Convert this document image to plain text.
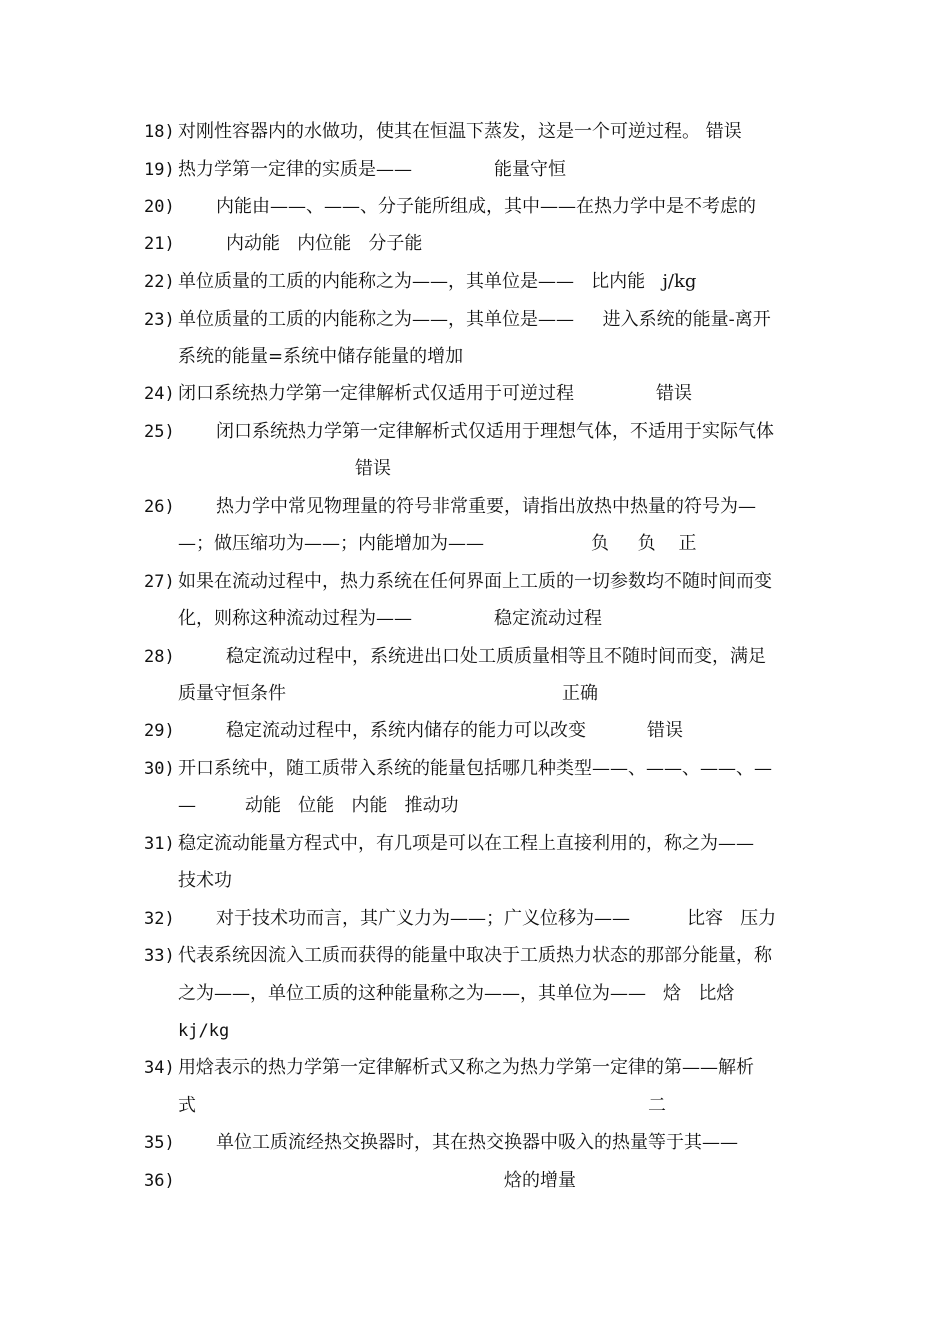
18)

对刚性容器内的水做功，使其在恒温下蒸发，这是一个可逆过程。 错误

19)

热力学第一定律的实质是——

	能量守恒

20)

内能由——、——、分子能所组成，其中——在热力学中是不考虑的

21)

	内动能   内位能   分子能

22)

单位质量的工质的内能称之为——，其单位是——   比内能   j/kg

23)

单位质量的工质的内能称之为——，其单位是——     进入系统的能量-离开

系统的能量=系统中储存能量的增加

24)

闭口系统热力学第一定律解析式仅适用于可逆过程

	错误

25)

闭口系统热力学第一定律解析式仅适用于理想气体，不适用于实际气体

错误

26)

热力学中常见物理量的符号非常重要，请指出放热中热量的符号为—

—；做压缩功为——；内能增加为——

	负     负    正

27)

如果在流动过程中，热力系统在任何界面上工质的一切参数均不随时间而变

化，则称这种流动过程为——

	稳定流动过程

28)

	稳定流动过程中，系统进出口处工质质量相等且不随时间而变，满足

质量守恒条件

	正确

29)

	稳定流动过程中，系统内储存的能力可以改变

	错误

30)

开口系统中，随工质带入系统的能量包括哪几种类型——、——、——、—

—

	动能   位能   内能   推动功

31)

稳定流动能量方程式中，有几项是可以在工程上直接利用的，称之为——

技术功

32)

对于技术功而言，其广义力为——；广义位移为——

	比容   压力

33)

代表系统因流入工质而获得的能量中取决于工质热力状态的那部分能量，称

之为——，单位工质的这种能量称之为——，其单位为——   焓   比焓

kj/kg

34)

用焓表示的热力学第一定律解析式又称之为热力学第一定律的第——解析

式

	二

35)

单位工质流经热交换器时，其在热交换器中吸入的热量等于其——

36)

	焓的增量
